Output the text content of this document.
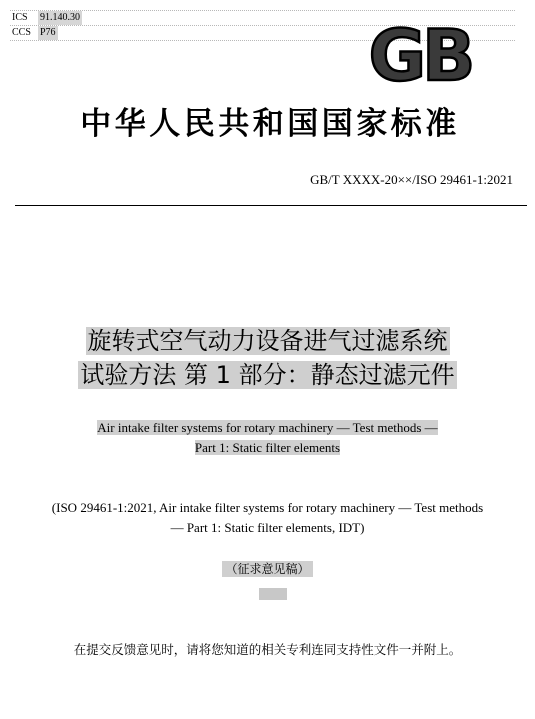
ICS	91.140.30
CCS P76	GB
中华人民共和国国家标准
GB/T XXXX-20××/ISO 29461-1:2021
旋转式空气动力设备进气过滤系统
试验方法 第 1 部分：静态过滤元件
Air intake filter systems for rotary machinery — Test methods —
Part 1: Static filter elements
(ISO 29461-1:2021, Air intake filter systems for rotary machinery — Test methods
— Part 1: Static filter elements, IDT)
（征求意见稿）
在提交反馈意见时，请将您知道的相关专利连同支持性文件一并附上。
